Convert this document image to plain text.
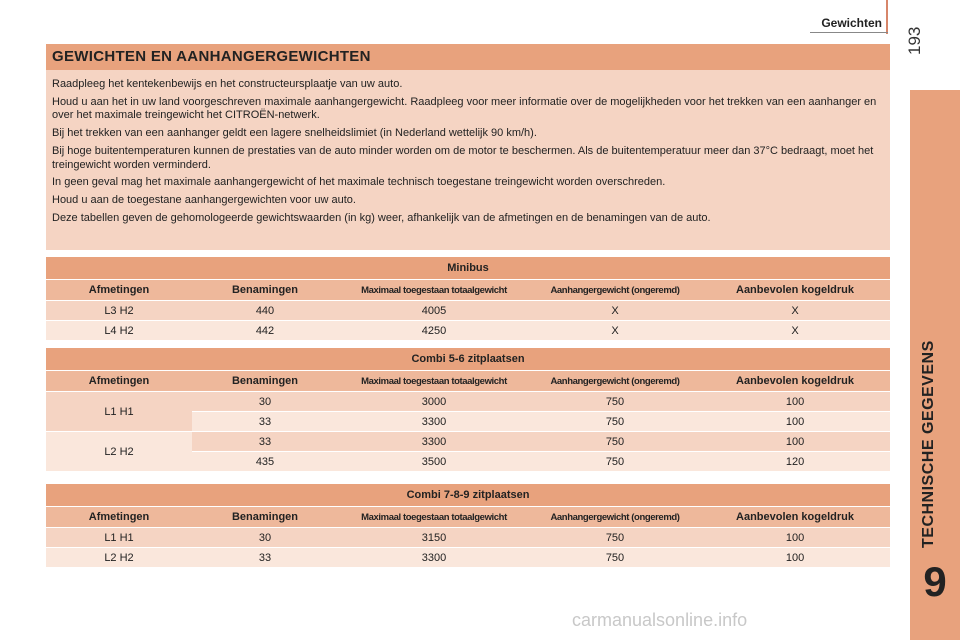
Gewichten
193
TECHNISCHE GEGEVENS
9
GEWICHTEN EN AANHANGERGEWICHTEN

Raadpleeg het kentekenbewijs en het constructeursplaatje van uw auto.

Houd u aan het in uw land voorgeschreven maximale aanhangergewicht. Raadpleeg voor meer informatie over de mogelijkheden voor het trekken van een aanhanger en over het maximale treingewicht het CITROËN-netwerk.

Bij het trekken van een aanhanger geldt een lagere snelheidslimiet (in Nederland wettelijk 90 km/h).

Bij hoge buitentemperaturen kunnen de prestaties van de auto minder worden om de motor te beschermen. Als de buitentemperatuur meer dan 37°C bedraagt, moet het treingewicht worden verminderd.

In geen geval mag het maximale aanhangergewicht of het maximale technisch toegestane treingewicht worden overschreden.

Houd u aan de toegestane aanhangergewichten voor uw auto.

Deze tabellen geven de gehomologeerde gewichtswaarden (in kg) weer, afhankelijk van de afmetingen en de benamingen van de auto.

Minibus				
Afmetingen	Benamingen	Maximaal toegestaan totaalgewicht	Aanhangergewicht (ongeremd)	Aanbevolen kogeldruk
L3 H2	440	4005	X	X
L4 H2	442	4250	X	X
Combi 5-6 zitplaatsen				
Afmetingen	Benamingen	Maximaal toegestaan totaalgewicht	Aanhangergewicht (ongeremd)	Aanbevolen kogeldruk
L1 H1	30	3000	750	100
	33	3300	750	100
L2 H2	33	3300	750	100
	435	3500	750	120
Combi 7-8-9 zitplaatsen				
Afmetingen	Benamingen	Maximaal toegestaan totaalgewicht	Aanhangergewicht (ongeremd)	Aanbevolen kogeldruk
L1 H1	30	3150	750	100
L2 H2	33	3300	750	100
carmanualsonline.info
